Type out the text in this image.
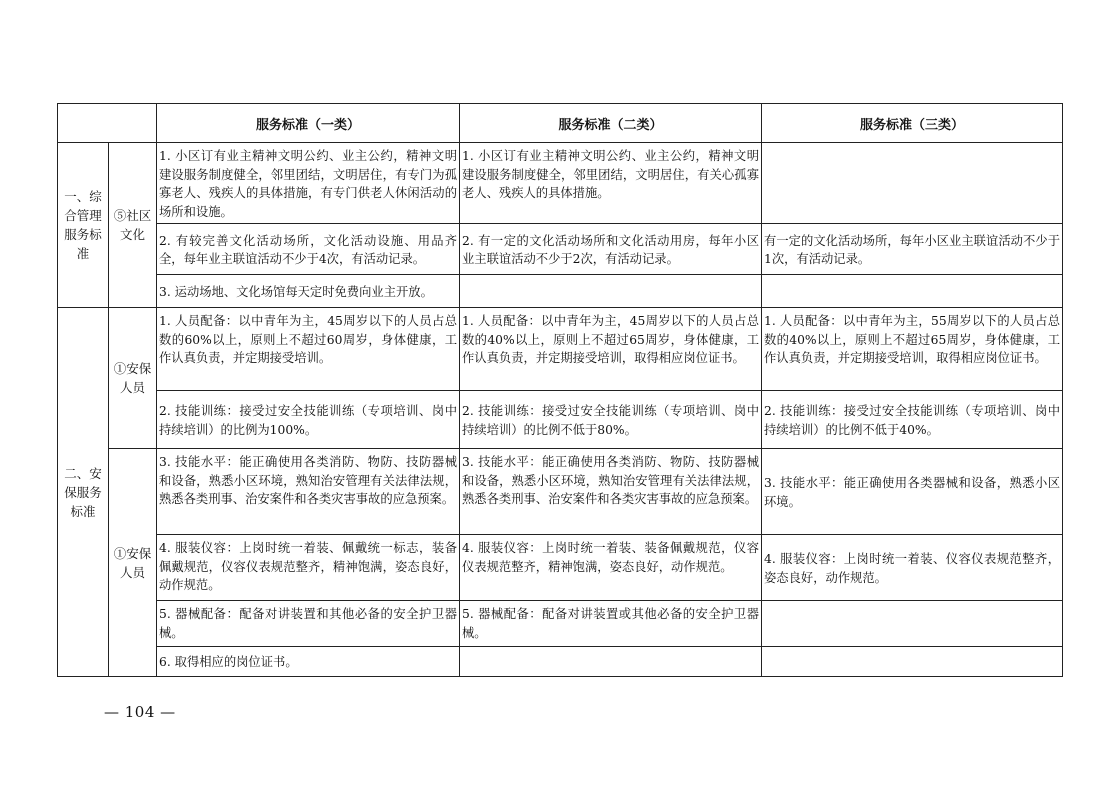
		服务标准（一类）	服务标准（二类）	服务标准（三类）
一、综合管理服务标准	⑤社区文化	1. 小区订有业主精神文明公约、业主公约，精神文明建设服务制度健全，邻里团结，文明居住，有专门为孤寡老人、残疾人的具体措施，有专门供老人休闲活动的场所和设施。	1. 小区订有业主精神文明公约、业主公约，精神文明建设服务制度健全，邻里团结，文明居住，有关心孤寡老人、残疾人的具体措施。	
		2. 有较完善文化活动场所，文化活动设施、用品齐全，每年业主联谊活动不少于4次，有活动记录。	2. 有一定的文化活动场所和文化活动用房，每年小区业主联谊活动不少于2次，有活动记录。	有一定的文化活动场所，每年小区业主联谊活动不少于1次，有活动记录。
		3. 运动场地、文化场馆每天定时免费向业主开放。		
二、安保服务标准	①安保人员	1. 人员配备：以中青年为主，45周岁以下的人员占总数的60%以上，原则上不超过60周岁，身体健康，工作认真负责，并定期接受培训。	1. 人员配备：以中青年为主，45周岁以下的人员占总数的40%以上，原则上不超过65周岁，身体健康，工作认真负责，并定期接受培训，取得相应岗位证书。	1. 人员配备：以中青年为主，55周岁以下的人员占总数的40%以上，原则上不超过65周岁，身体健康，工作认真负责，并定期接受培训，取得相应岗位证书。
		2. 技能训练：接受过安全技能训练（专项培训、岗中持续培训）的比例为100%。	2. 技能训练：接受过安全技能训练（专项培训、岗中持续培训）的比例不低于80%。	2. 技能训练：接受过安全技能训练（专项培训、岗中持续培训）的比例不低于40%。
	①安保人员	3. 技能水平：能正确使用各类消防、物防、技防器械和设备，熟悉小区环境，熟知治安管理有关法律法规，熟悉各类刑事、治安案件和各类灾害事故的应急预案。	3. 技能水平：能正确使用各类消防、物防、技防器械和设备，熟悉小区环境，熟知治安管理有关法律法规，熟悉各类刑事、治安案件和各类灾害事故的应急预案。	3. 技能水平：能正确使用各类器械和设备，熟悉小区环境。
		4. 服装仪容：上岗时统一着装、佩戴统一标志，装备佩戴规范，仪容仪表规范整齐，精神饱满，姿态良好，动作规范。	4. 服装仪容：上岗时统一着装、装备佩戴规范，仪容仪表规范整齐，精神饱满，姿态良好，动作规范。	4. 服装仪容：上岗时统一着装、仪容仪表规范整齐，姿态良好，动作规范。
		5. 器械配备：配备对讲装置和其他必备的安全护卫器械。	5. 器械配备：配备对讲装置或其他必备的安全护卫器械。	
		6. 取得相应的岗位证书。		
— 104 —
